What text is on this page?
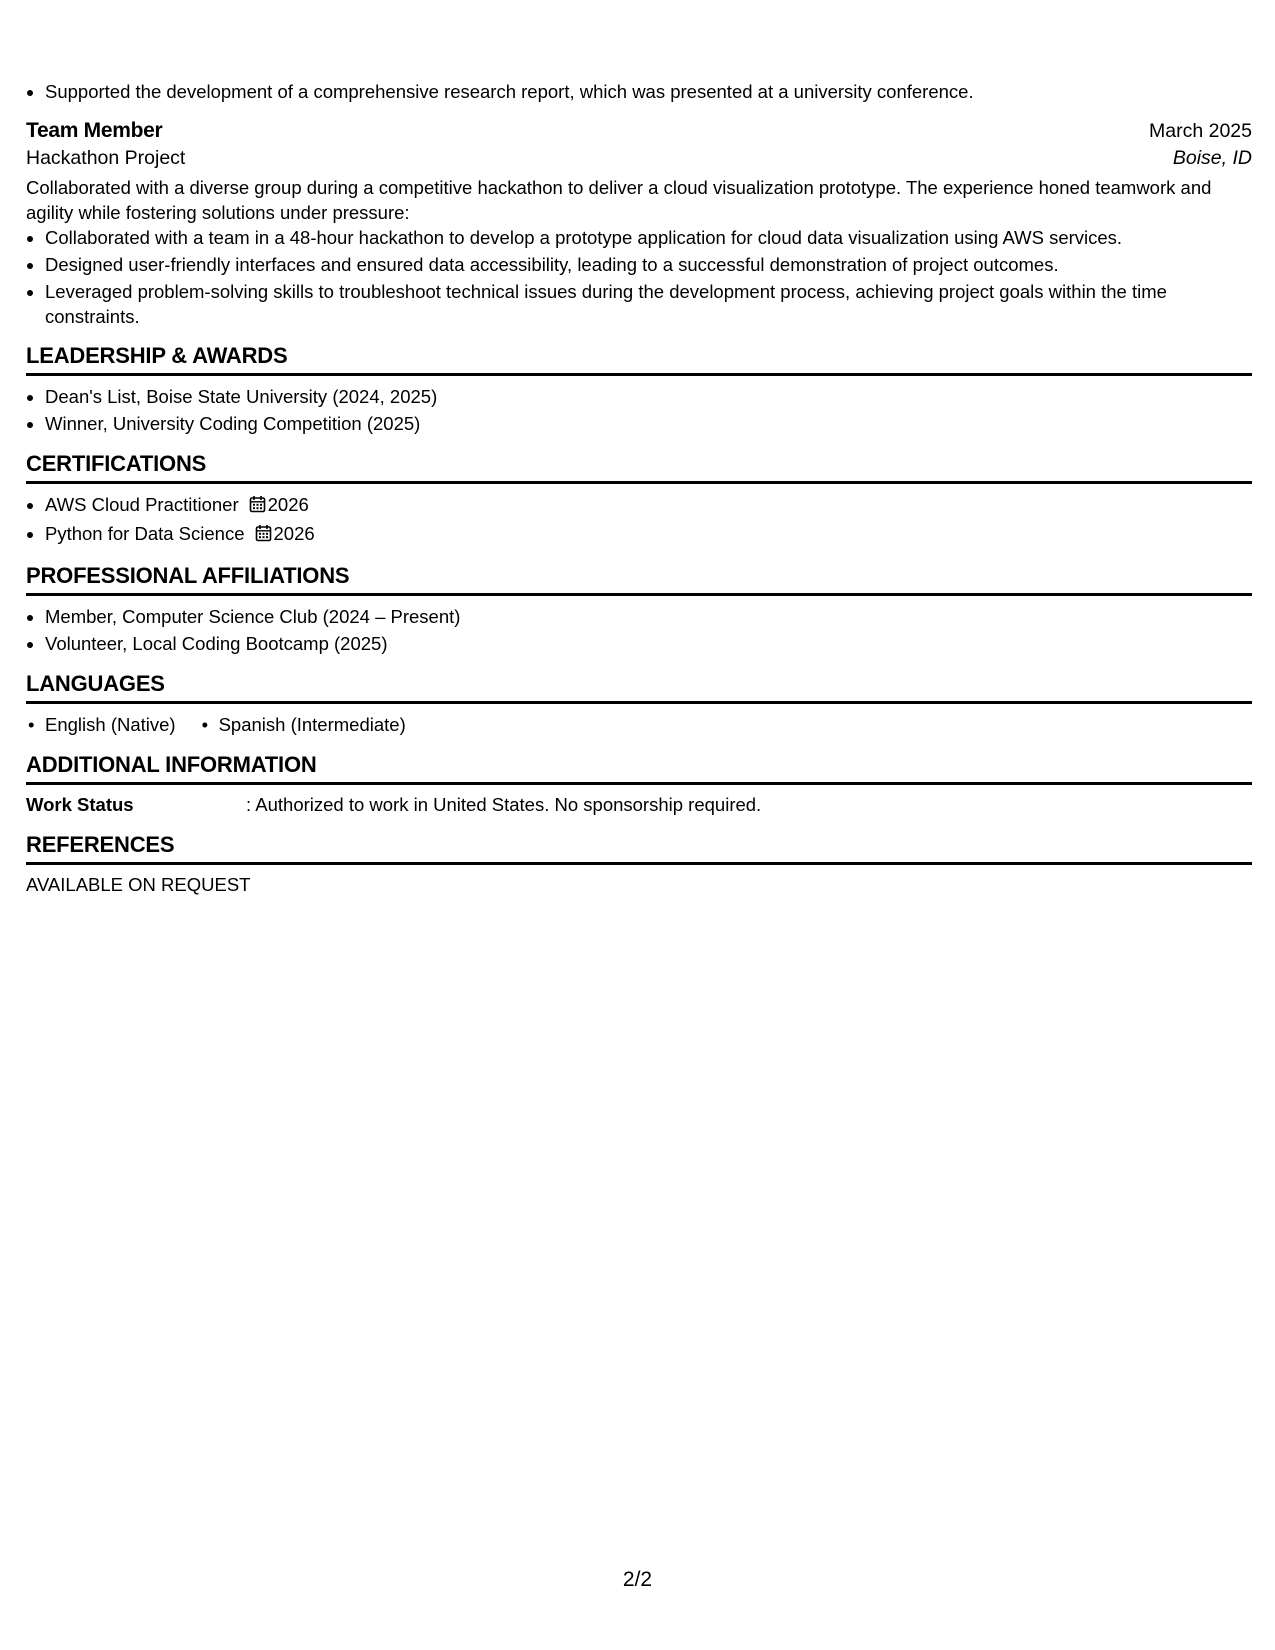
• Supported the development of a comprehensive research report, which was presented at a university conference.
Team Member	March 2025
Hackathon Project	Boise, ID

Collaborated with a diverse group during a competitive hackathon to deliver a cloud visualization prototype. The experience honed teamwork and agility while fostering solutions under pressure:

• Collaborated with a team in a 48-hour hackathon to develop a prototype application for cloud data visualization using AWS services.
• Designed user-friendly interfaces and ensured data accessibility, leading to a successful demonstration of project outcomes.
• Leveraged problem-solving skills to troubleshoot technical issues during the development process, achieving project goals within the time constraints.
LEADERSHIP & AWARDS
• Dean's List, Boise State University (2024, 2025)
• Winner, University Coding Competition (2025)
CERTIFICATIONS
• AWS Cloud Practitioner 2026
• Python for Data Science 2026
PROFESSIONAL AFFILIATIONS
• Member, Computer Science Club (2024 – Present)
• Volunteer, Local Coding Bootcamp (2025)
LANGUAGES
• English (Native)
•	Spanish (Intermediate)
ADDITIONAL INFORMATION
Work Status	: Authorized to work in United States. No sponsorship required.
REFERENCES
AVAILABLE ON REQUEST
2/2
